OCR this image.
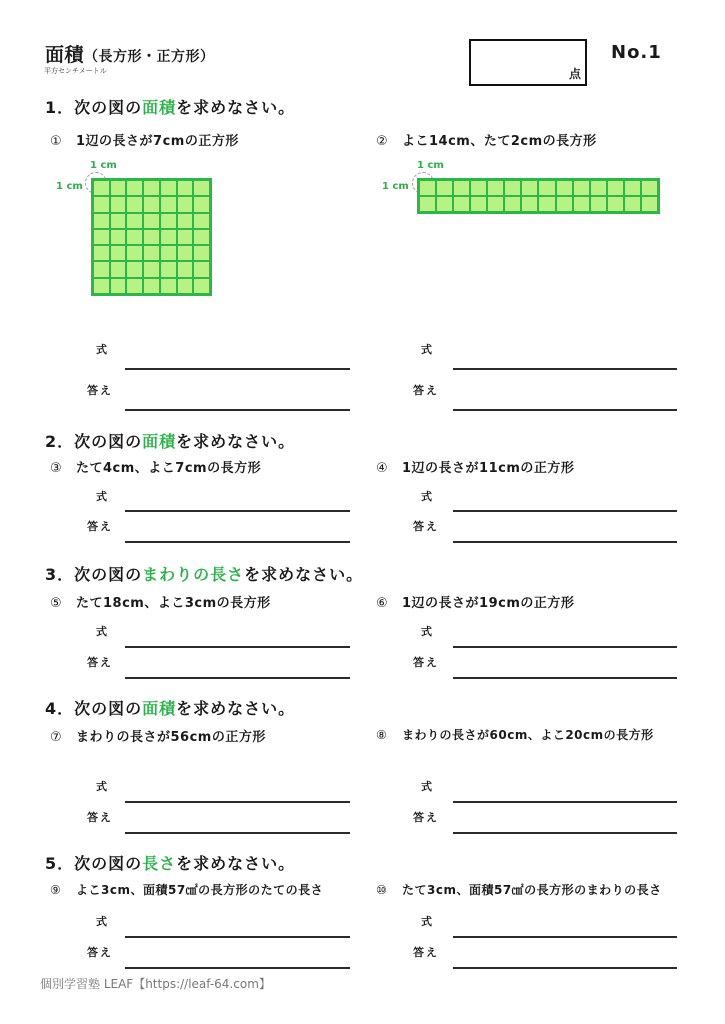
面積（長方形・正方形）
平方センチメートル	点
No.1
1．次の図の面積を求めなさい。
① 1辺の長さが7cmの正方形	② よこ14cm、たて2cmの長方形
1 cm
1 cm
1 cm
1 cm
式
答え
式
答え
2．次の図の面積を求めなさい。
③ たて4cm、よこ7cmの長方形	④ 1辺の長さが11cmの正方形
式
答え
式
答え
3．次の図のまわりの長さを求めなさい。
⑤ たて18cm、よこ3cmの長方形	⑥ 1辺の長さが19cmの正方形
式
答え
式
答え
4．次の図の面積を求めなさい。
⑦ まわりの長さが56cmの正方形	⑧ まわりの長さが60cm、よこ20cmの長方形
式
答え
式
答え
5．次の図の長さを求めなさい。
⑨ よこ3cm、面積57㎠の長方形のたての長さ	⑩ たて3cm、面積57㎠の長方形のまわりの長さ
式
答え
式
答え
個別学習塾 LEAF【https://leaf-64.com】
